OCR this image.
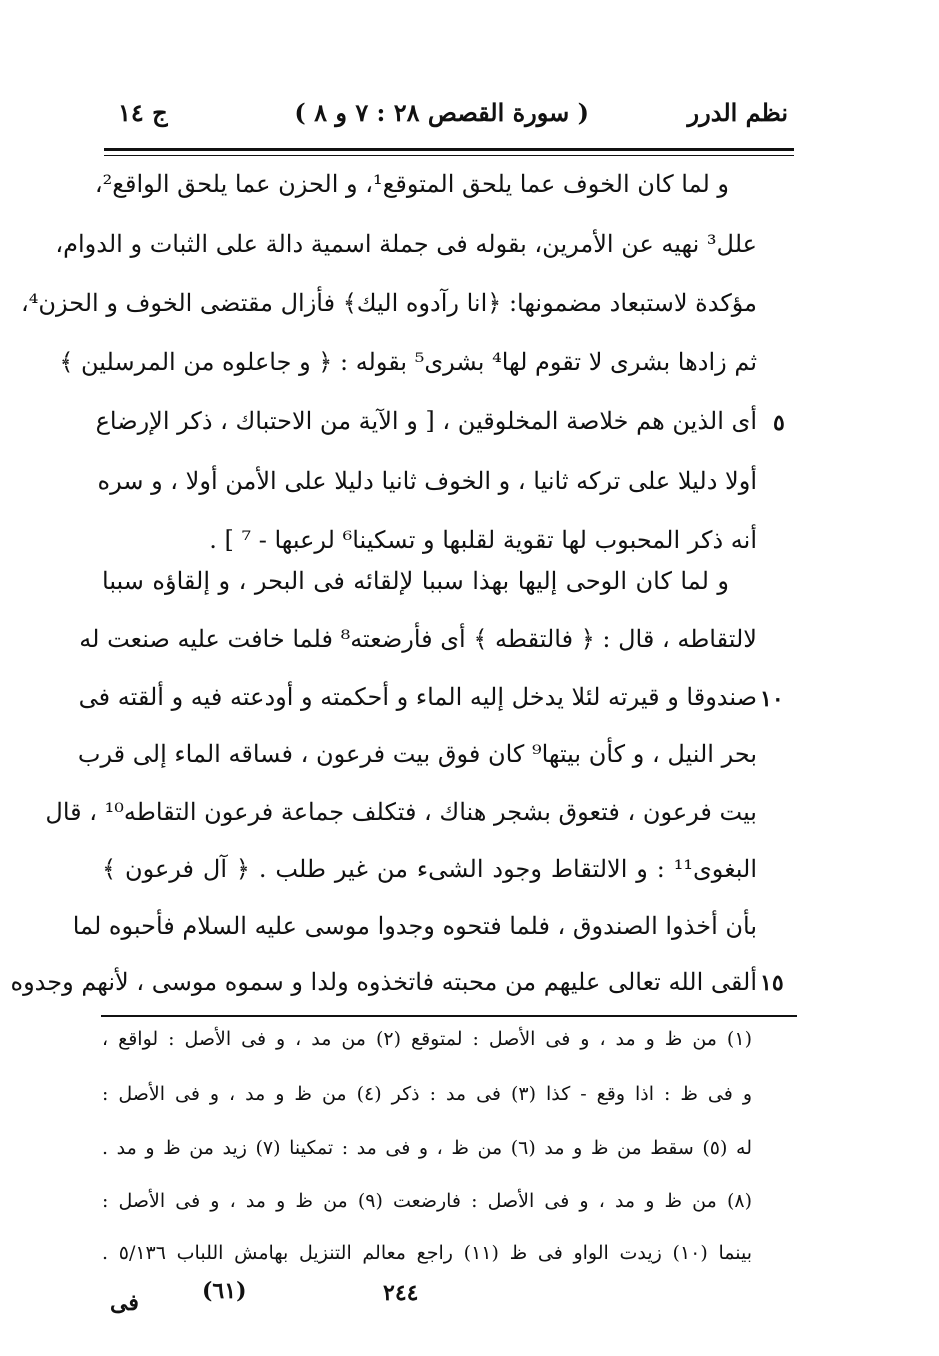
نظم الدرر
( سورة القصص ٢٨ : ٧ و ٨ )
ج ١٤
و لما كان الخوف عما يلحق المتوقع¹، و الحزن عما يلحق الواقع²،
علل³ نهيه عن الأمرين، بقوله فى جملة اسمية دالة على الثبات و الدوام،
مؤكدة لاستبعاد مضمونها: ﴿انا رآدوه اليك﴾ فأزال مقتضى الخوف و الحزن⁴،
ثم زادها بشرى لا تقوم لها⁴ بشرى⁵ بقوله : ﴿ و جاعلوه من المرسلين ﴾
أى الذين هم خلاصة المخلوقين ، [ و الآية من الاحتباك ، ذكر الإرضاع
أولا دليلا على تركه ثانيا ، و الخوف ثانيا دليلا على الأمن أولا ، و سره
أنه ذكر المحبوب لها تقوية لقلبها و تسكينا⁶ لرعبها - ⁷ ] .
و لما كان الوحى إليها بهذا سببا لإلقائه فى البحر ، و إلقاؤه سببا
لالتقاطه ، قال : ﴿ فالتقطه ﴾ أى فأرضعته⁸ فلما خافت عليه صنعت له
صندوقا و قيرته لئلا يدخل إليه الماء و أحكمته و أودعته فيه و ألقته فى
بحر النيل ، و كأن بيتها⁹ كان فوق بيت فرعون ، فساقه الماء إلى قرب
بيت فرعون ، فتعوق بشجر هناك ، فتكلف جماعة فرعون التقاطه¹⁰ ، قال
البغوى¹¹ : و الالتقاط وجود الشىء من غير طلب . ﴿ آل فرعون ﴾
بأن أخذوا الصندوق ، فلما فتحوه وجدوا موسى عليه السلام فأحبوه لما
ألقى الله تعالى عليهم من محبته فاتخذوه ولدا و سموه موسى ، لأنهم وجدوه
٥
١٠
١٥
(١) من ظ و مد ، و فى الأصل : لمتوقع (٢) من مد ، و فى الأصل : لواقع ،
و فى ظ : اذا وقع - كذا (٣) فى مد : ذكر (٤) من ظ و مد ، و فى الأصل :
له (٥) سقط من ظ و مد (٦) من ظ ، و فى مد : تمكينا (٧) زيد من ظ و مد .
(٨) من ظ و مد ، و فى الأصل : فارضعت (٩) من ظ و مد ، و فى الأصل :
بينما (١٠) زيدت الواو فى ظ (١١) راجع معالم التنزيل بهامش اللباب ٥/١٣٦ .
٢٤٤
(٦١)
فى
